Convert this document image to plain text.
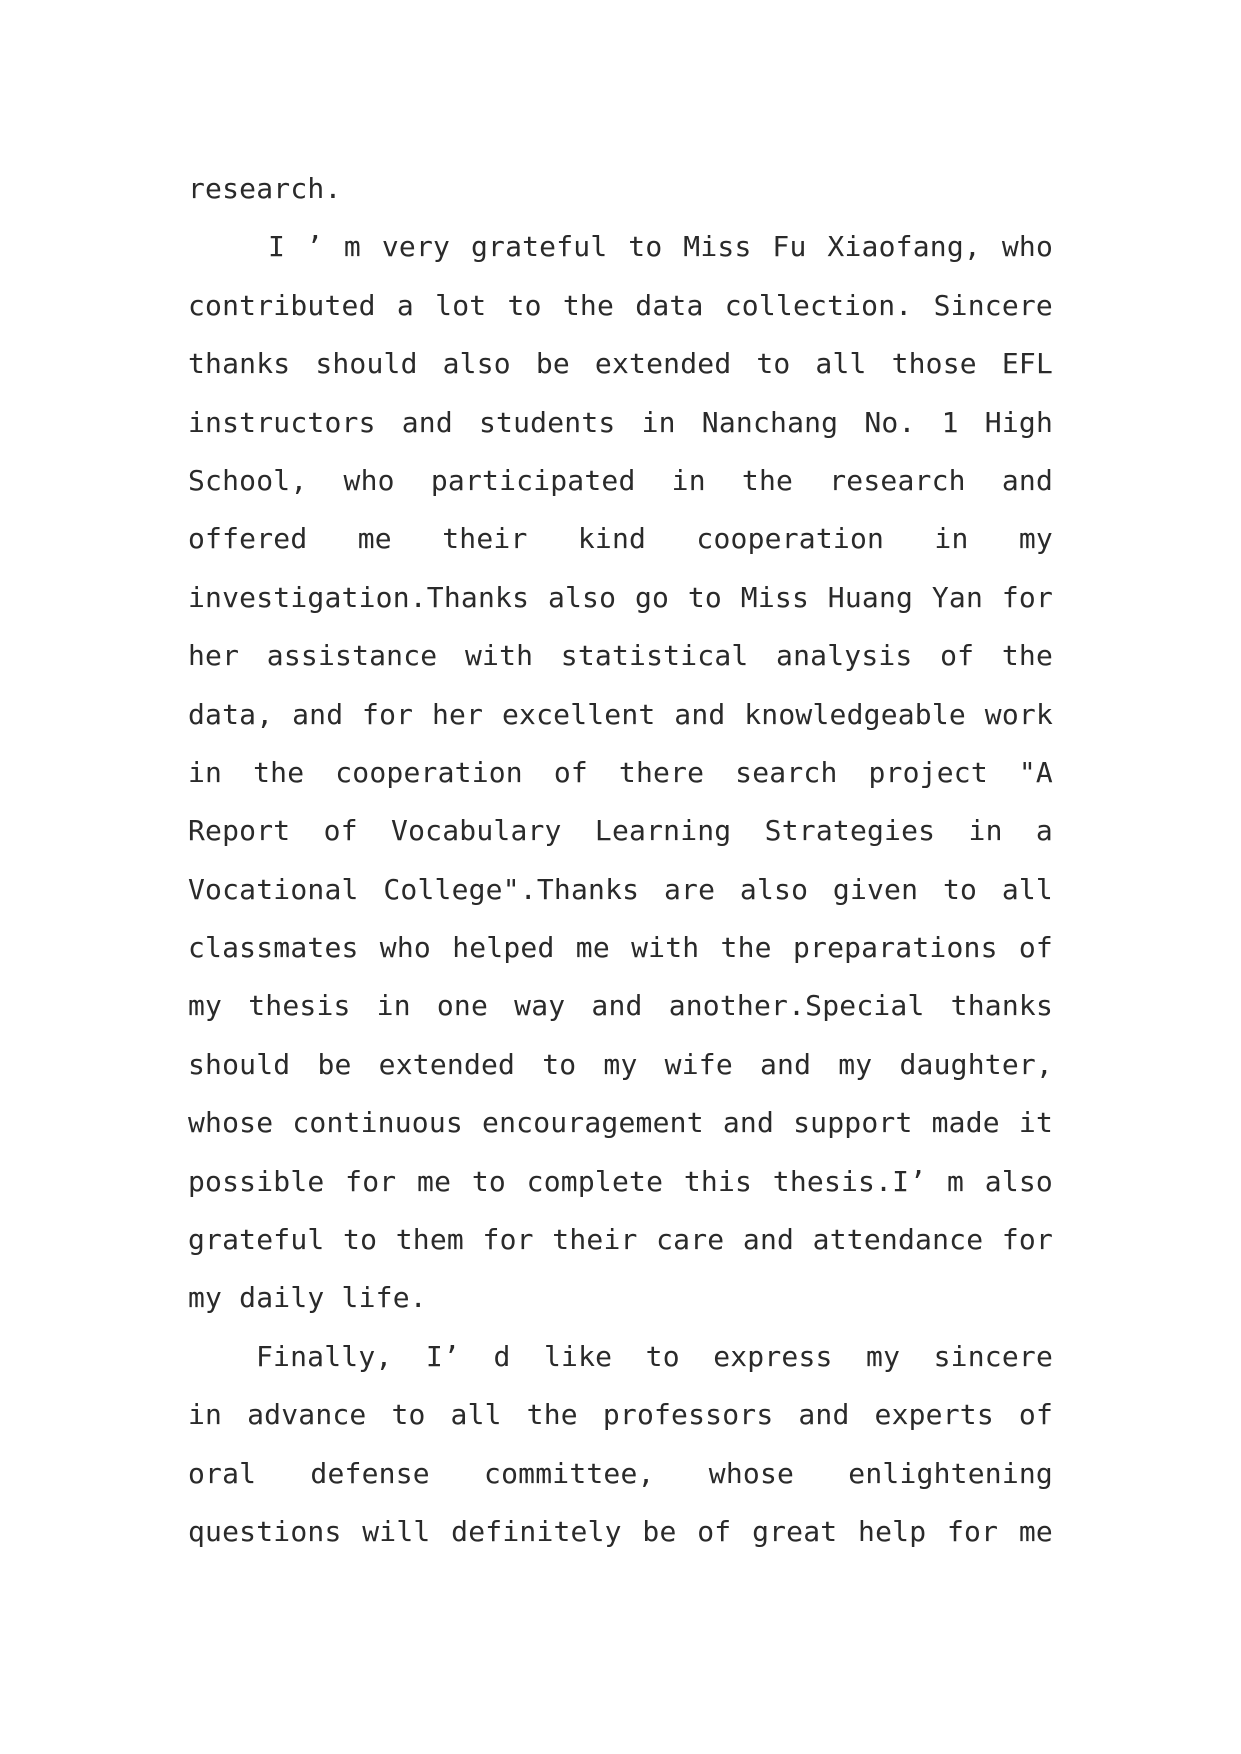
research.
I ’ m very grateful to Miss Fu Xiaofang, who
contributed a lot to the data collection. Sincere
thanks should also be extended to all those EFL
instructors and students in Nanchang No. 1 High
School, who participated in the research and
offered me their kind cooperation in my
investigation.Thanks also go to Miss Huang Yan for
her assistance with statistical analysis of the
data, and for her excellent and knowledgeable work
in the cooperation of there search project "A
Report of Vocabulary Learning Strategies in a
Vocational College".Thanks are also given to all
classmates who helped me with the preparations of
my thesis in one way and another.Special thanks
should be extended to my wife and my daughter,
whose continuous encouragement and support made it
possible for me to complete this thesis.I’ m also
grateful to them for their care and attendance for
my daily life.
Finally, I’ d like to express my sincere
in advance to all the professors and experts of
oral defense committee, whose enlightening
questions will definitely be of great help for me
